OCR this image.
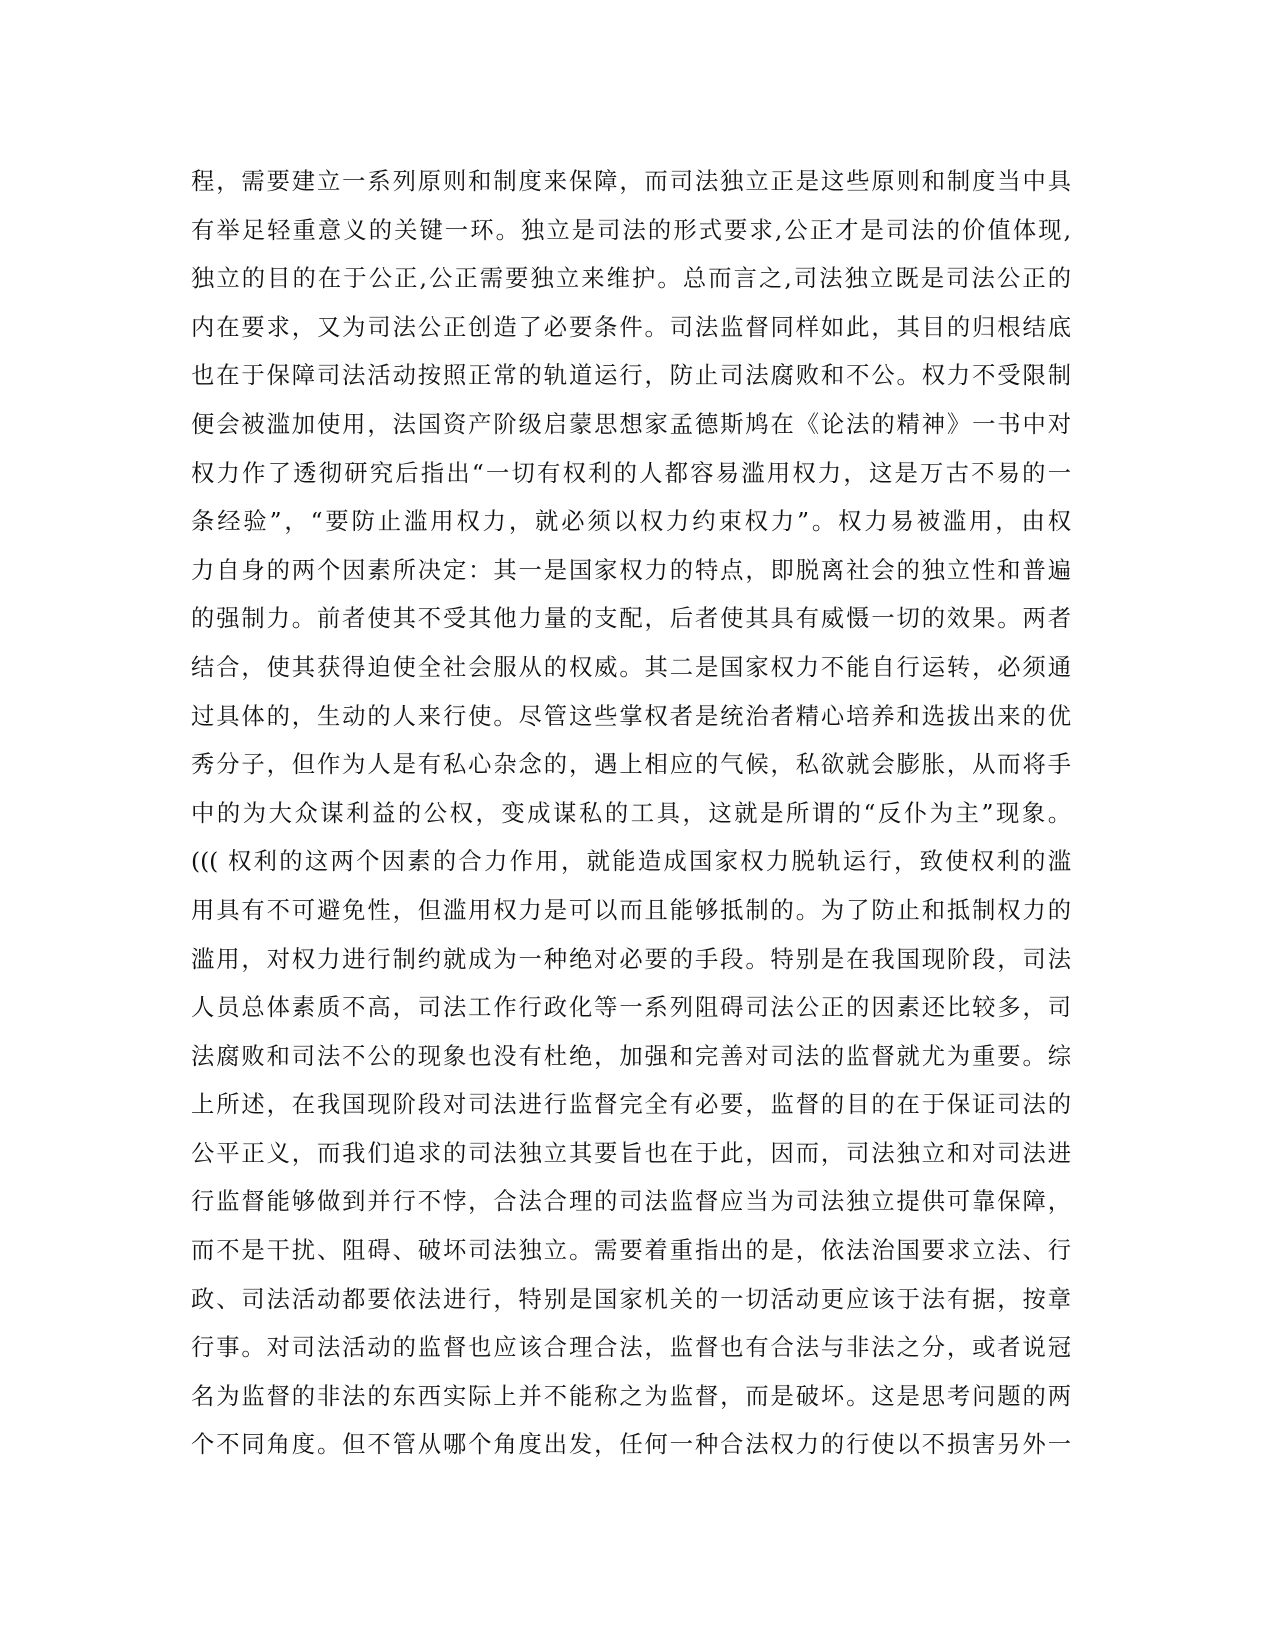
程，需要建立一系列原则和制度来保障，而司法独立正是这些原则和制度当中具
有举足轻重意义的关键一环。独立是司法的形式要求,公正才是司法的价值体现,
独立的目的在于公正,公正需要独立来维护。总而言之,司法独立既是司法公正的
内在要求，又为司法公正创造了必要条件。司法监督同样如此，其目的归根结底
也在于保障司法活动按照正常的轨道运行，防止司法腐败和不公。权力不受限制
便会被滥加使用，法国资产阶级启蒙思想家孟德斯鸠在《论法的精神》一书中对
权力作了透彻研究后指出“一切有权利的人都容易滥用权力，这是万古不易的一
条经验”，“要防止滥用权力，就必须以权力约束权力”。权力易被滥用，由权
力自身的两个因素所决定：其一是国家权力的特点，即脱离社会的独立性和普遍
的强制力。前者使其不受其他力量的支配，后者使其具有威慑一切的效果。两者
结合，使其获得迫使全社会服从的权威。其二是国家权力不能自行运转，必须通
过具体的，生动的人来行使。尽管这些掌权者是统治者精心培养和选拔出来的优
秀分子，但作为人是有私心杂念的，遇上相应的气候，私欲就会膨胀，从而将手
中的为大众谋利益的公权，变成谋私的工具，这就是所谓的“反仆为主”现象。
((( 权利的这两个因素的合力作用，就能造成国家权力脱轨运行，致使权利的滥
用具有不可避免性，但滥用权力是可以而且能够抵制的。为了防止和抵制权力的
滥用，对权力进行制约就成为一种绝对必要的手段。特别是在我国现阶段，司法
人员总体素质不高，司法工作行政化等一系列阻碍司法公正的因素还比较多，司
法腐败和司法不公的现象也没有杜绝，加强和完善对司法的监督就尤为重要。综
上所述，在我国现阶段对司法进行监督完全有必要，监督的目的在于保证司法的
公平正义，而我们追求的司法独立其要旨也在于此，因而，司法独立和对司法进
行监督能够做到并行不悖，合法合理的司法监督应当为司法独立提供可靠保障，
而不是干扰、阻碍、破坏司法独立。需要着重指出的是，依法治国要求立法、行
政、司法活动都要依法进行，特别是国家机关的一切活动更应该于法有据，按章
行事。对司法活动的监督也应该合理合法，监督也有合法与非法之分，或者说冠
名为监督的非法的东西实际上并不能称之为监督，而是破坏。这是思考问题的两
个不同角度。但不管从哪个角度出发，任何一种合法权力的行使以不损害另外一
